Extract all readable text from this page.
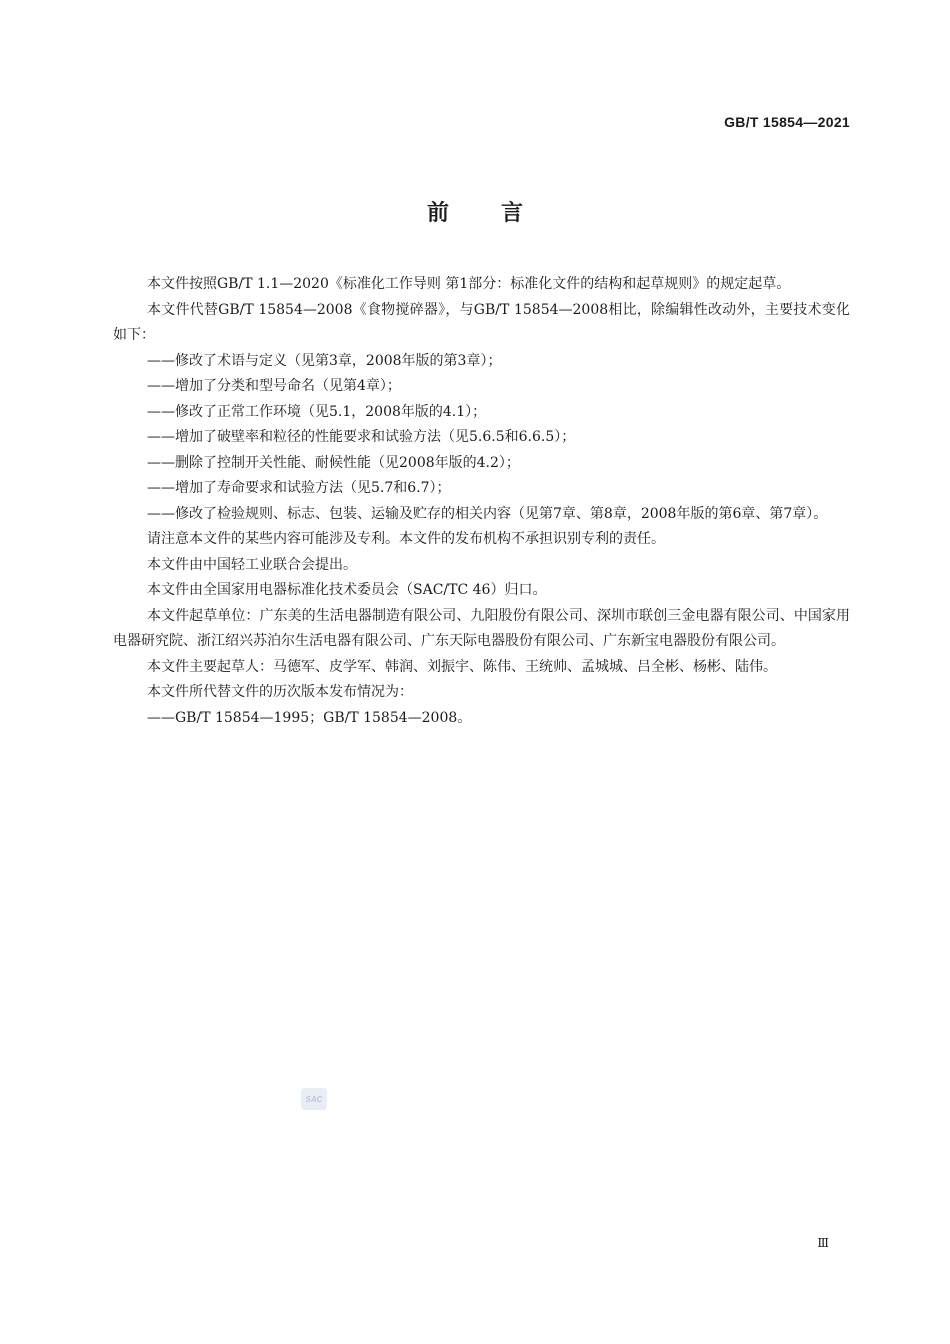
GB/T 15854—2021
前言

本文件按照GB/T 1.1—2020《标准化工作导则 第1部分：标准化文件的结构和起草规则》的规定起草。

本文件代替GB/T 15854—2008《食物搅碎器》，与GB/T 15854—2008相比，除编辑性改动外，主要技术变化如下：

——修改了术语与定义（见第3章，2008年版的第3章）；

——增加了分类和型号命名（见第4章）；

——修改了正常工作环境（见5.1，2008年版的4.1）；

——增加了破壁率和粒径的性能要求和试验方法（见5.6.5和6.6.5）；

——删除了控制开关性能、耐候性能（见2008年版的4.2）；

——增加了寿命要求和试验方法（见5.7和6.7）；

——修改了检验规则、标志、包装、运输及贮存的相关内容（见第7章、第8章，2008年版的第6章、第7章）。

请注意本文件的某些内容可能涉及专利。本文件的发布机构不承担识别专利的责任。

本文件由中国轻工业联合会提出。

本文件由全国家用电器标准化技术委员会（SAC/TC 46）归口。

本文件起草单位：广东美的生活电器制造有限公司、九阳股份有限公司、深圳市联创三金电器有限公司、中国家用电器研究院、浙江绍兴苏泊尔生活电器有限公司、广东天际电器股份有限公司、广东新宝电器股份有限公司。

本文件主要起草人：马德军、皮学军、韩润、刘振宇、陈伟、王统帅、孟城城、吕全彬、杨彬、陆伟。

本文件所代替文件的历次版本发布情况为：

——GB/T 15854—1995；GB/T 15854—2008。

SAC
Ⅲ
